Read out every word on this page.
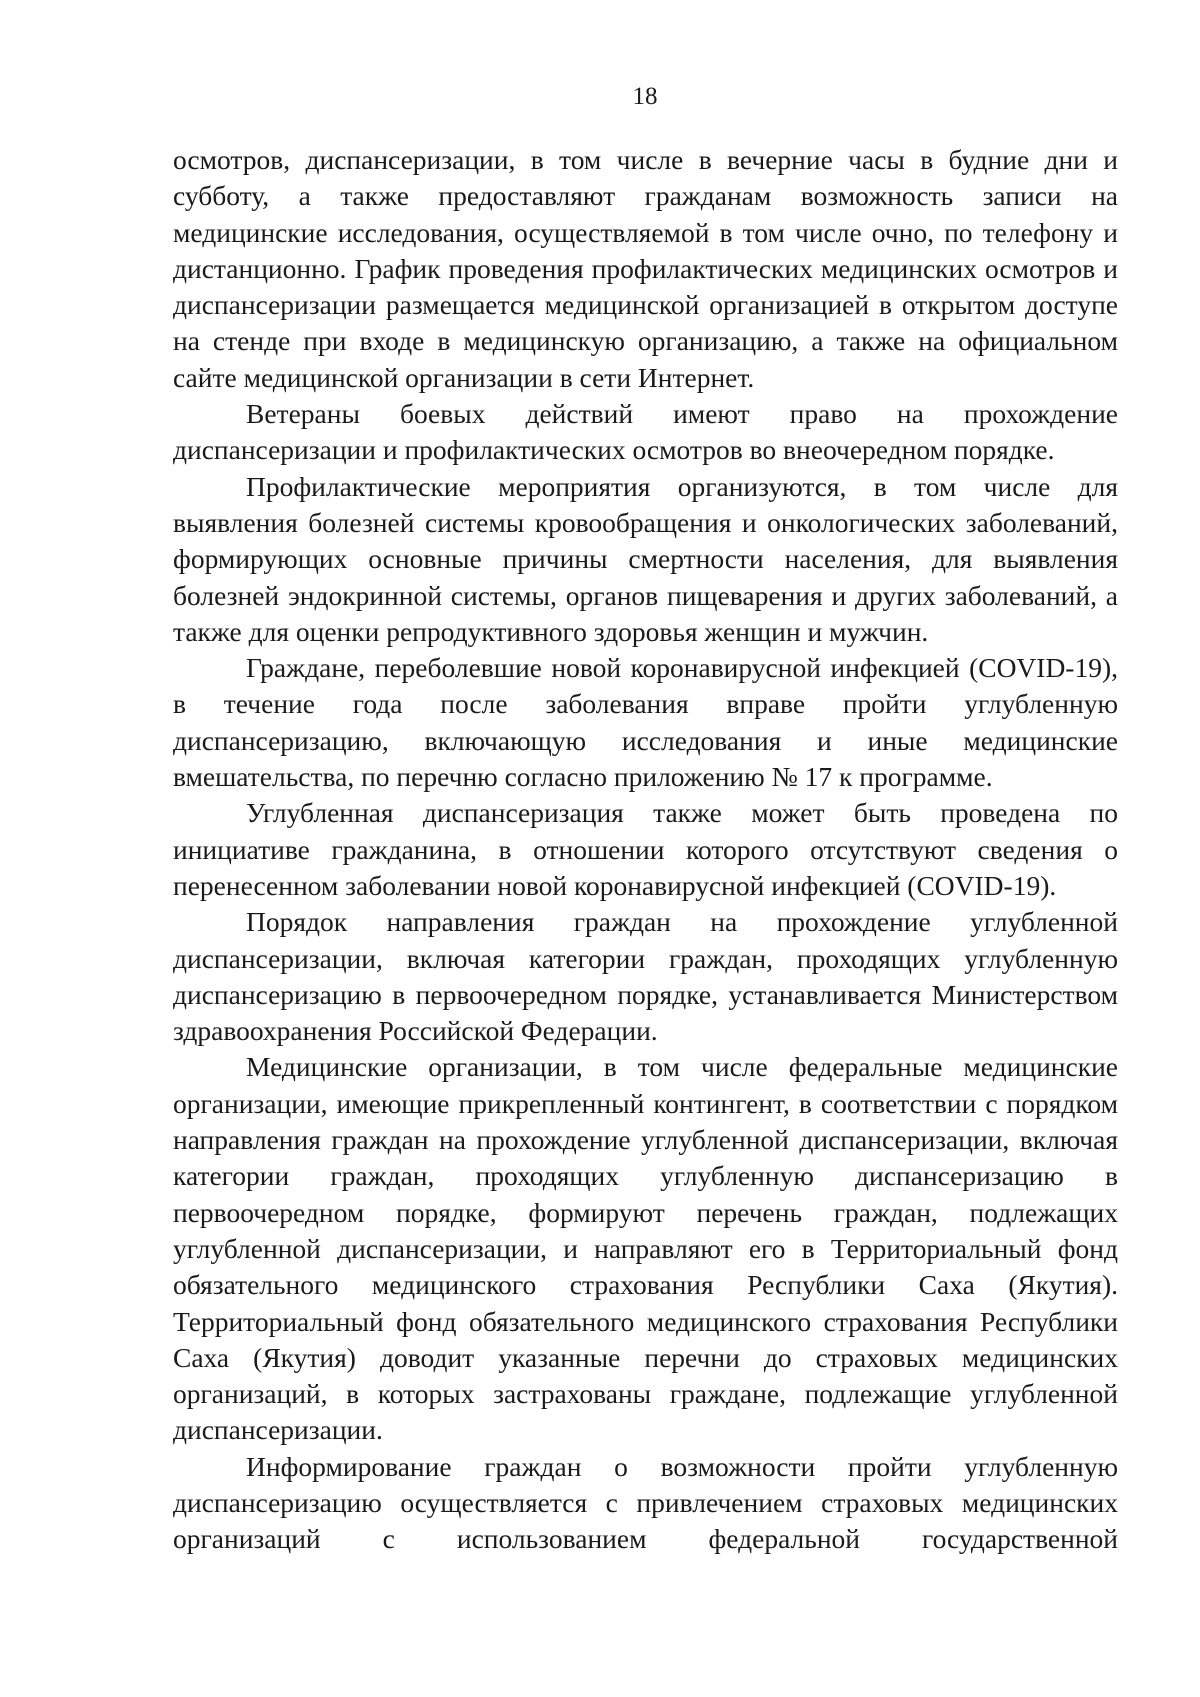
18

осмотров, диспансеризации, в том числе в вечерние часы в будние дни и субботу, а также предоставляют гражданам возможность записи на медицинские исследования, осуществляемой в том числе очно, по телефону и дистанционно. График проведения профилактических медицинских осмотров и диспансеризации размещается медицинской организацией в открытом доступе на стенде при входе в медицинскую организацию, а также на официальном сайте медицинской организации в сети Интернет.

Ветераны боевых действий имеют право на прохождение диспансеризации и профилактических осмотров во внеочередном порядке.

Профилактические мероприятия организуются, в том числе для выявления болезней системы кровообращения и онкологических заболеваний, формирующих основные причины смертности населения, для выявления болезней эндокринной системы, органов пищеварения и других заболеваний, а также для оценки репродуктивного здоровья женщин и мужчин.

Граждане, переболевшие новой коронавирусной инфекцией (COVID-19), в течение года после заболевания вправе пройти углубленную диспансеризацию, включающую исследования и иные медицинские вмешательства, по перечню согласно приложению № 17 к программе.

Углубленная диспансеризация также может быть проведена по инициативе гражданина, в отношении которого отсутствуют сведения о перенесенном заболевании новой коронавирусной инфекцией (COVID-19).

Порядок направления граждан на прохождение углубленной диспансеризации, включая категории граждан, проходящих углубленную диспансеризацию в первоочередном порядке, устанавливается Министерством здравоохранения Российской Федерации.

Медицинские организации, в том числе федеральные медицинские организации, имеющие прикрепленный контингент, в соответствии с порядком направления граждан на прохождение углубленной диспансеризации, включая категории граждан, проходящих углубленную диспансеризацию в первоочередном порядке, формируют перечень граждан, подлежащих углубленной диспансеризации, и направляют его в Территориальный фонд обязательного медицинского страхования Республики Саха (Якутия). Территориальный фонд обязательного медицинского страхования Республики Саха (Якутия) доводит указанные перечни до страховых медицинских организаций, в которых застрахованы граждане, подлежащие углубленной диспансеризации.

Информирование граждан о возможности пройти углубленную диспансеризацию осуществляется с привлечением страховых медицинских организаций с использованием федеральной государственной
